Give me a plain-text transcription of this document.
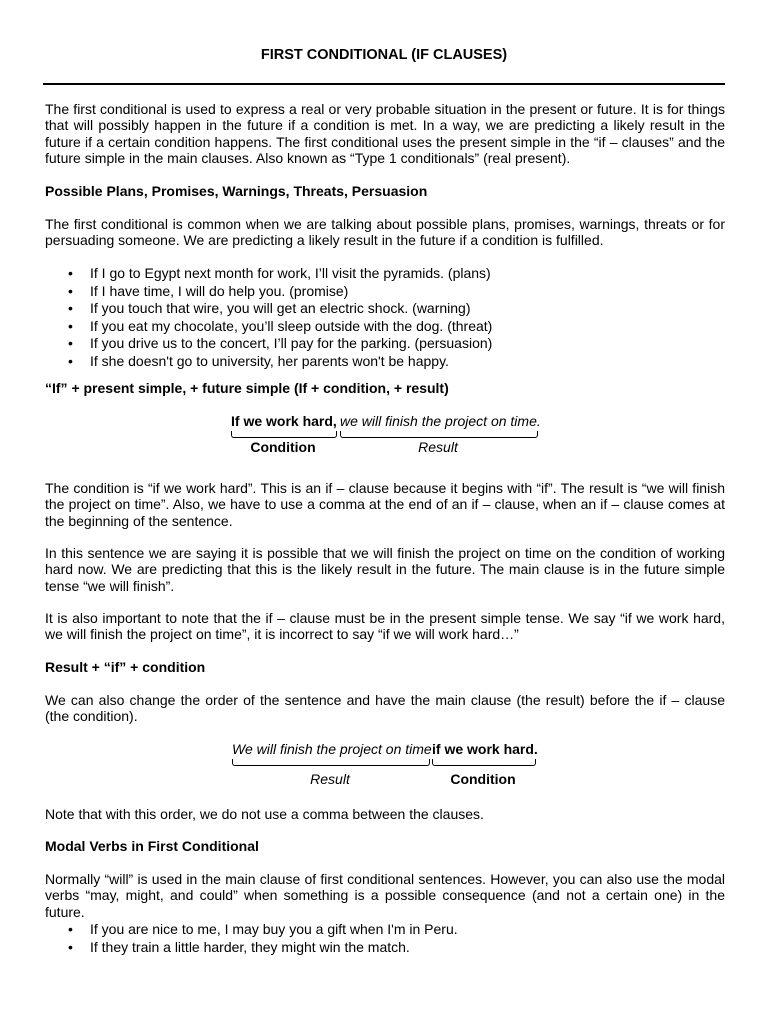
FIRST CONDITIONAL (IF CLAUSES)

The first conditional is used to express a real or very probable situation in the present or future. It is for things that will possibly happen in the future if a condition is met. In a way, we are predicting a likely result in the future if a certain condition happens. The first conditional uses the present simple in the “if – clauses” and the future simple in the main clauses. Also known as “Type 1 conditionals” (real present).

Possible Plans, Promises, Warnings, Threats, Persuasion

The first conditional is common when we are talking about possible plans, promises, warnings, threats or for persuading someone. We are predicting a likely result in the future if a condition is fulfilled.

• If I go to Egypt next month for work, I’ll visit the pyramids. (plans)
• If I have time, I will do help you. (promise)
• If you touch that wire, you will get an electric shock. (warning)
• If you eat my chocolate, you’ll sleep outside with the dog. (threat)
• If you drive us to the concert, I’ll pay for the parking. (persuasion)
• If she doesn't go to university, her parents won't be happy.
“If” + present simple, + future simple (If + condition, + result)
If we work hard, we will finish the project on time.
Condition	Result

The condition is “if we work hard”. This is an if – clause because it begins with “if”. The result is “we will finish the project on time”. Also, we have to use a comma at the end of an if – clause, when an if – clause comes at the beginning of the sentence.

In this sentence we are saying it is possible that we will finish the project on time on the condition of working hard now. We are predicting that this is the likely result in the future. The main clause is in the future simple tense “we will finish”.

It is also important to note that the if – clause must be in the present simple tense. We say “if we work hard, we will finish the project on time”, it is incorrect to say “if we will work hard…”

Result + “if” + condition

We can also change the order of the sentence and have the main clause (the result) before the if – clause (the condition).

We will finish the project on time if we work hard.
Result	Condition

Note that with this order, we do not use a comma between the clauses.

Modal Verbs in First Conditional

Normally “will” is used in the main clause of first conditional sentences. However, you can also use the modal verbs “may, might, and could” when something is a possible consequence (and not a certain one) in the future.

• If you are nice to me, I may buy you a gift when I'm in Peru.
• If they train a little harder, they might win the match.
